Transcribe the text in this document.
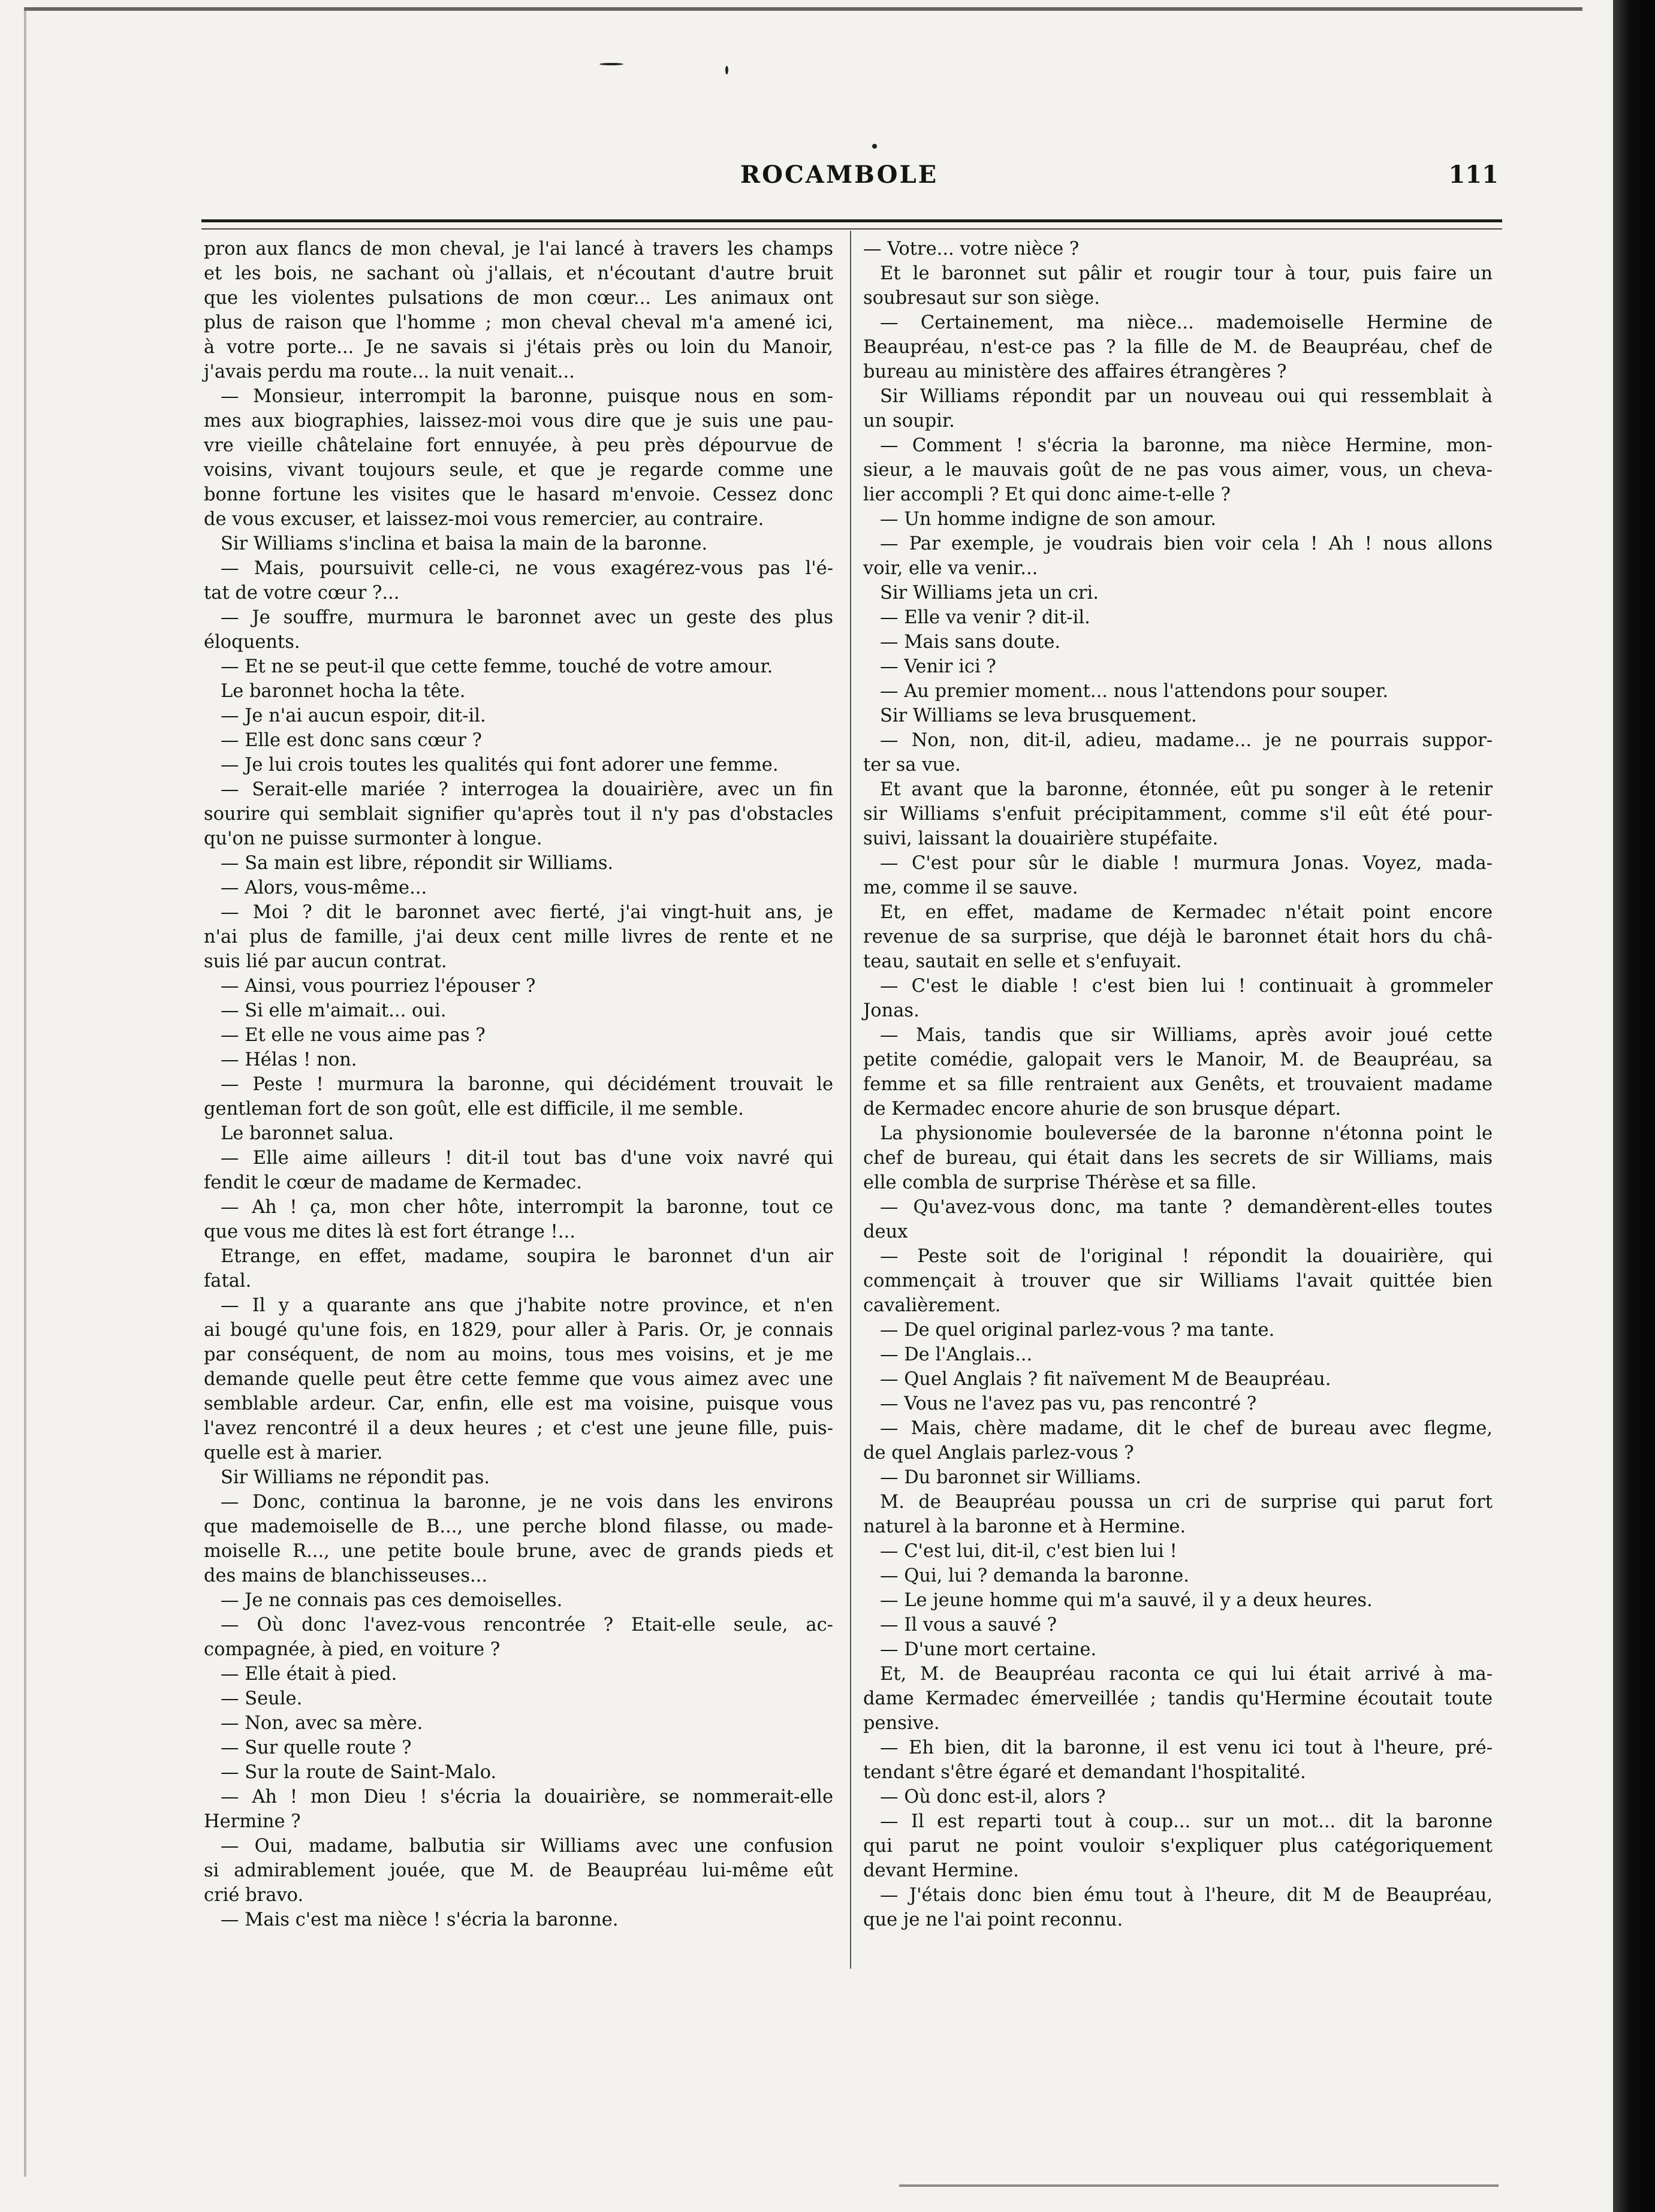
ROCAMBOLE	111
pron aux flancs de mon cheval, je l'ai lancé à travers les champs
et les bois, ne sachant où j'allais, et n'écoutant d'autre bruit
que les violentes pulsations de mon cœur... Les animaux ont
plus de raison que l'homme ; mon cheval cheval m'a amené ici,
à votre porte... Je ne savais si j'étais près ou loin du Manoir,
j'avais perdu ma route... la nuit venait...
— Monsieur, interrompit la baronne, puisque nous en som-
mes aux biographies, laissez-moi vous dire que je suis une pau-
vre vieille châtelaine fort ennuyée, à peu près dépourvue de
voisins, vivant toujours seule, et que je regarde comme une
bonne fortune les visites que le hasard m'envoie. Cessez donc
de vous excuser, et laissez-moi vous remercier, au contraire.
Sir Williams s'inclina et baisa la main de la baronne.
— Mais, poursuivit celle-ci, ne vous exagérez-vous pas l'é-
tat de votre cœur ?...
— Je souffre, murmura le baronnet avec un geste des plus
éloquents.
— Et ne se peut-il que cette femme, touché de votre amour.
Le baronnet hocha la tête.
— Je n'ai aucun espoir, dit-il.
— Elle est donc sans cœur ?
— Je lui crois toutes les qualités qui font adorer une femme.
— Serait-elle mariée ? interrogea la douairière, avec un fin
sourire qui semblait signifier qu'après tout il n'y pas d'obstacles
qu'on ne puisse surmonter à longue.
— Sa main est libre, répondit sir Williams.
— Alors, vous-même...
— Moi ? dit le baronnet avec fierté, j'ai vingt-huit ans, je
n'ai plus de famille, j'ai deux cent mille livres de rente et ne
suis lié par aucun contrat.
— Ainsi, vous pourriez l'épouser ?
— Si elle m'aimait... oui.
— Et elle ne vous aime pas ?
— Hélas ! non.
— Peste ! murmura la baronne, qui décidément trouvait le
gentleman fort de son goût, elle est difficile, il me semble.
Le baronnet salua.
— Elle aime ailleurs ! dit-il tout bas d'une voix navré qui
fendit le cœur de madame de Kermadec.
— Ah ! ça, mon cher hôte, interrompit la baronne, tout ce
que vous me dites là est fort étrange !...
Etrange, en effet, madame, soupira le baronnet d'un air
fatal.
— Il y a quarante ans que j'habite notre province, et n'en
ai bougé qu'une fois, en 1829, pour aller à Paris. Or, je connais
par conséquent, de nom au moins, tous mes voisins, et je me
demande quelle peut être cette femme que vous aimez avec une
semblable ardeur. Car, enfin, elle est ma voisine, puisque vous
l'avez rencontré il a deux heures ; et c'est une jeune fille, puis-
quelle est à marier.
Sir Williams ne répondit pas.
— Donc, continua la baronne, je ne vois dans les environs
que mademoiselle de B..., une perche blond filasse, ou made-
moiselle R..., une petite boule brune, avec de grands pieds et
des mains de blanchisseuses...
— Je ne connais pas ces demoiselles.
— Où donc l'avez-vous rencontrée ? Etait-elle seule, ac-
compagnée, à pied, en voiture ?
— Elle était à pied.
— Seule.
— Non, avec sa mère.
— Sur quelle route ?
— Sur la route de Saint-Malo.
— Ah ! mon Dieu ! s'écria la douairière, se nommerait-elle
Hermine ?
— Oui, madame, balbutia sir Williams avec une confusion
si admirablement jouée, que M. de Beaupréau lui-même eût
crié bravo.
— Mais c'est ma nièce ! s'écria la baronne.
— Votre... votre nièce ?
Et le baronnet sut pâlir et rougir tour à tour, puis faire un
soubresaut sur son siège.
— Certainement, ma nièce... mademoiselle Hermine de
Beaupréau, n'est-ce pas ? la fille de M. de Beaupréau, chef de
bureau au ministère des affaires étrangères ?
Sir Williams répondit par un nouveau oui qui ressemblait à
un soupir.
— Comment ! s'écria la baronne, ma nièce Hermine, mon-
sieur, a le mauvais goût de ne pas vous aimer, vous, un cheva-
lier accompli ? Et qui donc aime-t-elle ?
— Un homme indigne de son amour.
— Par exemple, je voudrais bien voir cela ! Ah ! nous allons
voir, elle va venir...
Sir Williams jeta un cri.
— Elle va venir ? dit-il.
— Mais sans doute.
— Venir ici ?
— Au premier moment... nous l'attendons pour souper.
Sir Williams se leva brusquement.
— Non, non, dit-il, adieu, madame... je ne pourrais suppor-
ter sa vue.
Et avant que la baronne, étonnée, eût pu songer à le retenir
sir Williams s'enfuit précipitamment, comme s'il eût été pour-
suivi, laissant la douairière stupéfaite.
— C'est pour sûr le diable ! murmura Jonas. Voyez, mada-
me, comme il se sauve.
Et, en effet, madame de Kermadec n'était point encore
revenue de sa surprise, que déjà le baronnet était hors du châ-
teau, sautait en selle et s'enfuyait.
— C'est le diable ! c'est bien lui ! continuait à grommeler
Jonas.
— Mais, tandis que sir Williams, après avoir joué cette
petite comédie, galopait vers le Manoir, M. de Beaupréau, sa
femme et sa fille rentraient aux Genêts, et trouvaient madame
de Kermadec encore ahurie de son brusque départ.
La physionomie bouleversée de la baronne n'étonna point le
chef de bureau, qui était dans les secrets de sir Williams, mais
elle combla de surprise Thérèse et sa fille.
— Qu'avez-vous donc, ma tante ? demandèrent-elles toutes
deux
— Peste soit de l'original ! répondit la douairière, qui
commençait à trouver que sir Williams l'avait quittée bien
cavalièrement.
— De quel original parlez-vous ? ma tante.
— De l'Anglais...
— Quel Anglais ? fit naïvement M de Beaupréau.
— Vous ne l'avez pas vu, pas rencontré ?
— Mais, chère madame, dit le chef de bureau avec flegme,
de quel Anglais parlez-vous ?
— Du baronnet sir Williams.
M. de Beaupréau poussa un cri de surprise qui parut fort
naturel à la baronne et à Hermine.
— C'est lui, dit-il, c'est bien lui !
— Qui, lui ? demanda la baronne.
— Le jeune homme qui m'a sauvé, il y a deux heures.
— Il vous a sauvé ?
— D'une mort certaine.
Et, M. de Beaupréau raconta ce qui lui était arrivé à ma-
dame Kermadec émerveillée ; tandis qu'Hermine écoutait toute
pensive.
— Eh bien, dit la baronne, il est venu ici tout à l'heure, pré-
tendant s'être égaré et demandant l'hospitalité.
— Où donc est-il, alors ?
— Il est reparti tout à coup... sur un mot... dit la baronne
qui parut ne point vouloir s'expliquer plus catégoriquement
devant Hermine.
— J'étais donc bien ému tout à l'heure, dit M de Beaupréau,
que je ne l'ai point reconnu.
